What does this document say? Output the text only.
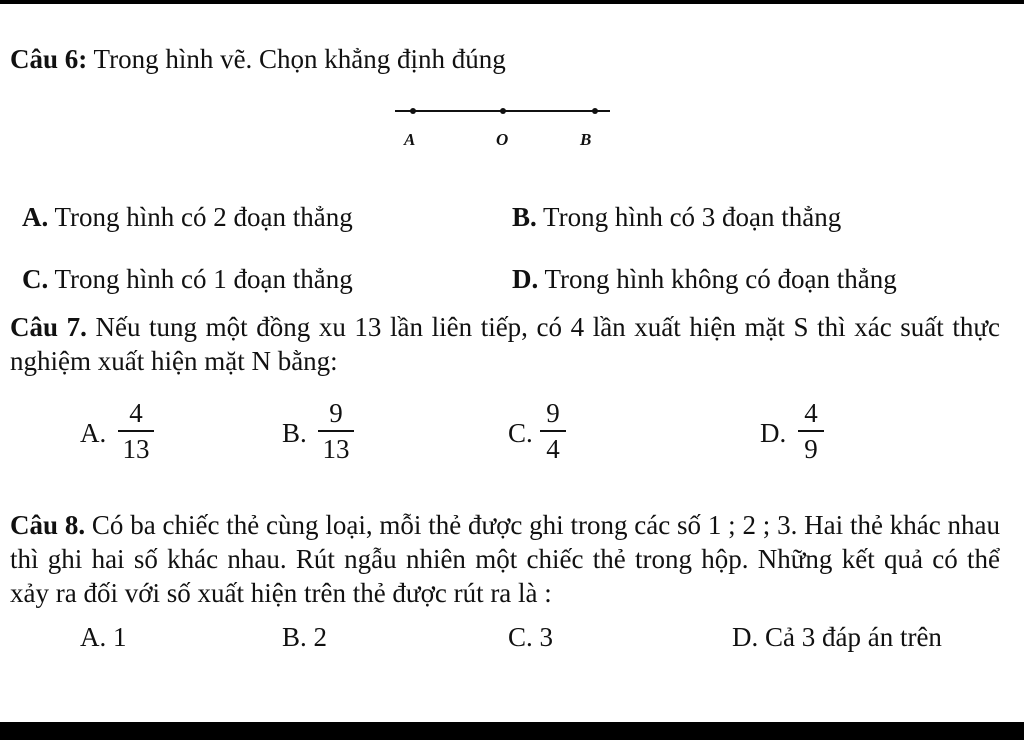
Câu 6: Trong hình vẽ. Chọn khẳng định đúng
A	O	B
A. Trong hình có 2 đoạn thẳng	B. Trong hình có 3 đoạn thẳng
C. Trong hình có 1 đoạn thẳng	D. Trong hình không có đoạn thẳng
Câu 7. Nếu tung một đồng xu 13 lần liên tiếp, có 4 lần xuất hiện mặt S thì xác suất thực nghiệm xuất hiện mặt N bằng:
A.
4
13
B.
9
13
C.
9
4
D.
4
9
Câu 8. Có ba chiếc thẻ cùng loại, mỗi thẻ được ghi trong các số 1 ; 2 ; 3. Hai thẻ khác nhau thì ghi hai số khác nhau. Rút ngẫu nhiên một chiếc thẻ trong hộp. Những kết quả có thể xảy ra đối với số xuất hiện trên thẻ được rút ra là :
A. 1	B. 2	C. 3	D. Cả 3 đáp án trên
